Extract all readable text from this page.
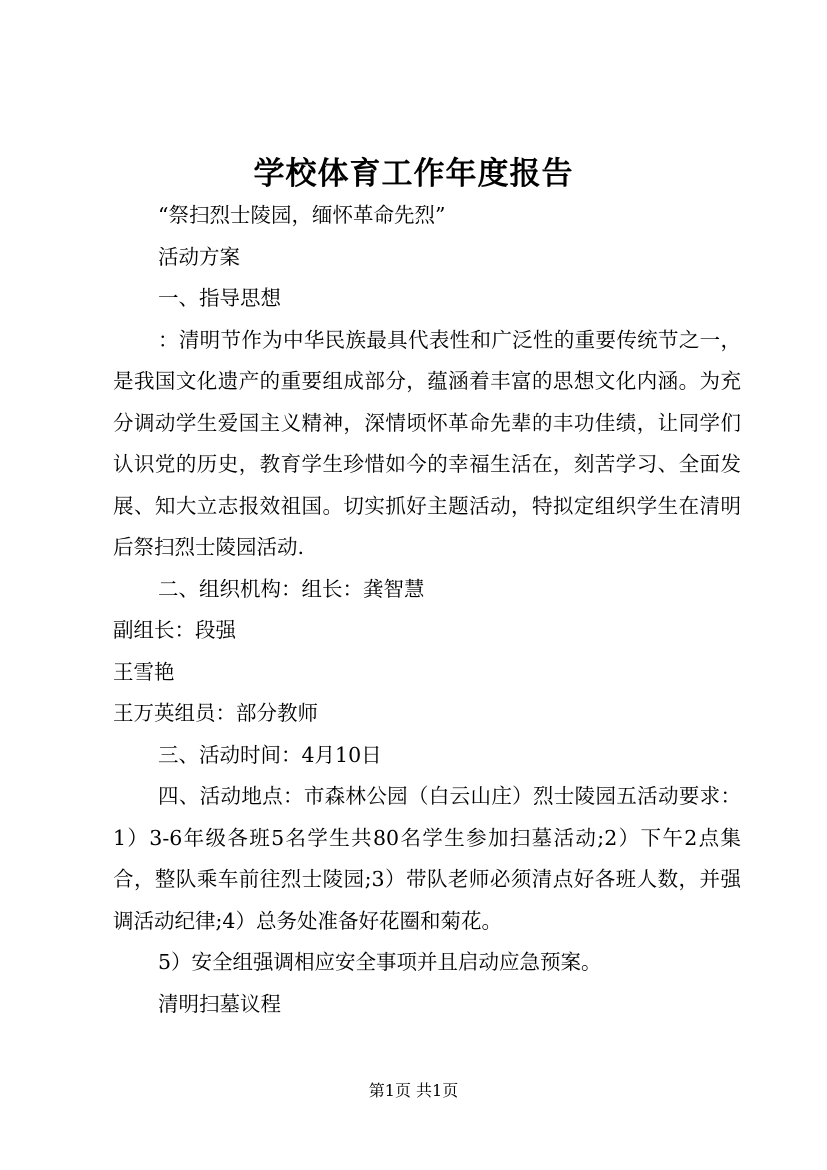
学校体育工作年度报告

“祭扫烈士陵园，缅怀革命先烈”

活动方案

一、指导思想

：清明节作为中华民族最具代表性和广泛性的重要传统节之一，是我国文化遗产的重要组成部分，蕴涵着丰富的思想文化内涵。为充分调动学生爱国主义精神，深情顷怀革命先辈的丰功佳绩，让同学们认识党的历史，教育学生珍惜如今的幸福生活在，刻苦学习、全面发展、知大立志报效祖国。切实抓好主题活动，特拟定组织学生在清明后祭扫烈士陵园活动.

二、组织机构：组长：龚智慧

副组长：段强

王雪艳

王万英组员：部分教师

三、活动时间：4月10日

四、活动地点：市森林公园（白云山庄）烈士陵园五活动要求：1）3-6年级各班5名学生共80名学生参加扫墓活动;2）下午2点集合，整队乘车前往烈士陵园;3）带队老师必须清点好各班人数，并强调活动纪律;4）总务处准备好花圈和菊花。

5）安全组强调相应安全事项并且启动应急预案。

清明扫墓议程

第1页 共1页
